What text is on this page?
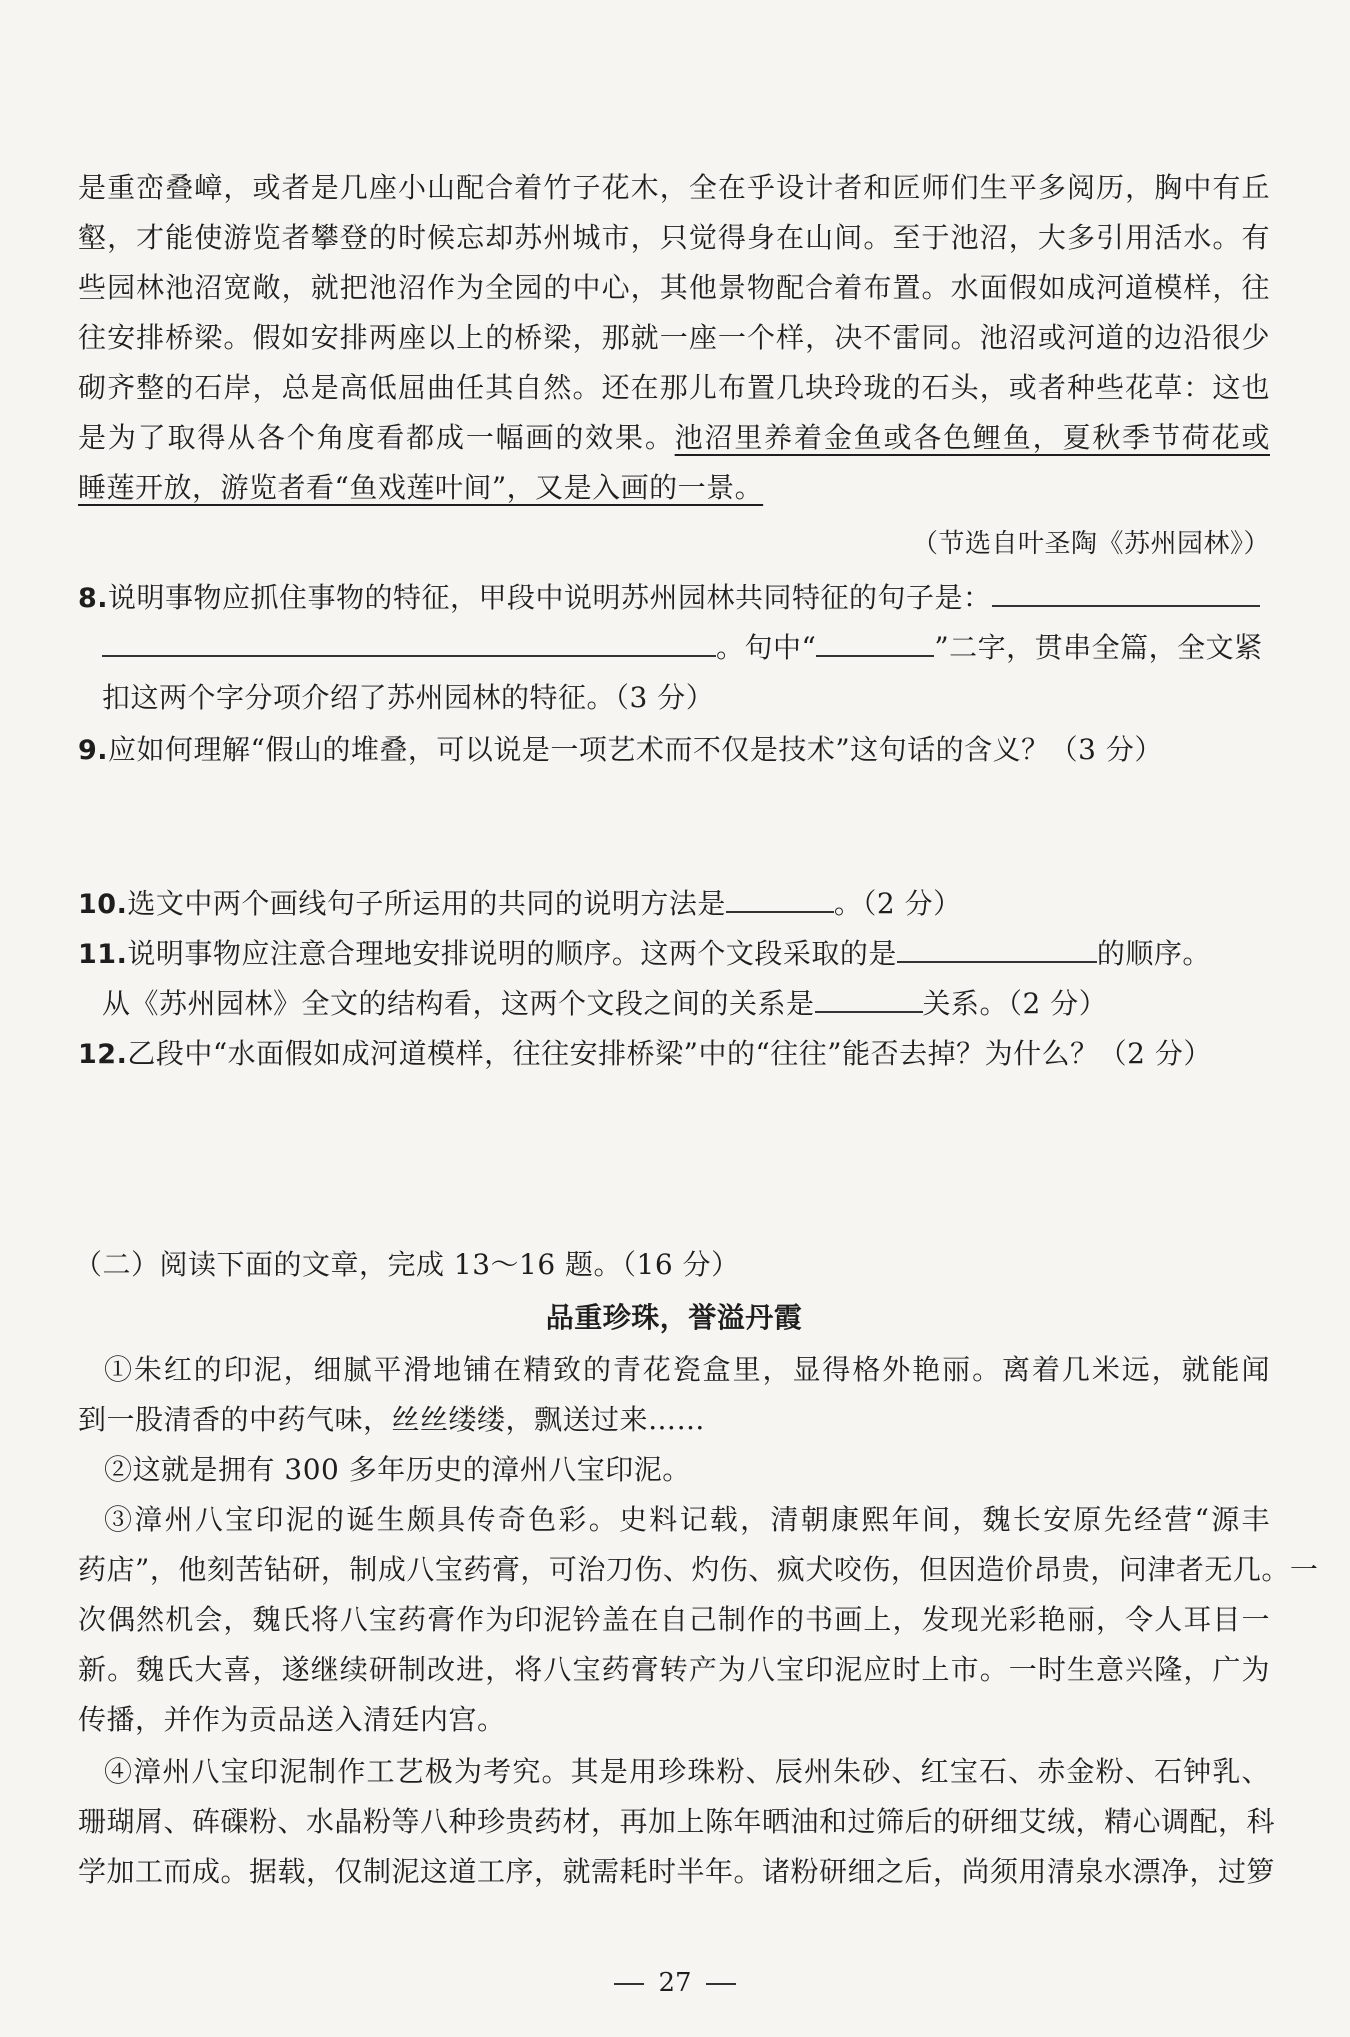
是重峦叠嶂，或者是几座小山配合着竹子花木，全在乎设计者和匠师们生平多阅历，胸中有丘
壑，才能使游览者攀登的时候忘却苏州城市，只觉得身在山间。至于池沼，大多引用活水。有
些园林池沼宽敞，就把池沼作为全园的中心，其他景物配合着布置。水面假如成河道模样，往
往安排桥梁。假如安排两座以上的桥梁，那就一座一个样，决不雷同。池沼或河道的边沿很少
砌齐整的石岸，总是高低屈曲任其自然。还在那儿布置几块玲珑的石头，或者种些花草：这也
是为了取得从各个角度看都成一幅画的效果。池沼里养着金鱼或各色鲤鱼，夏秋季节荷花或
睡莲开放，游览者看“鱼戏莲叶间”，又是入画的一景。
（节选自叶圣陶《苏州园林》）
8.说明事物应抓住事物的特征，甲段中说明苏州园林共同特征的句子是：
。句中“	”二字，贯串全篇，全文紧
扣这两个字分项介绍了苏州园林的特征。（3 分）
9.应如何理解“假山的堆叠，可以说是一项艺术而不仅是技术”这句话的含义？（3 分）
10.选文中两个画线句子所运用的共同的说明方法是	。（2 分）
11.说明事物应注意合理地安排说明的顺序。这两个文段采取的是	的顺序。
从《苏州园林》全文的结构看，这两个文段之间的关系是	关系。（2 分）
12.乙段中“水面假如成河道模样，往往安排桥梁”中的“往往”能否去掉？为什么？（2 分）
（二）阅读下面的文章，完成 13～16 题。（16 分）
品重珍珠，誉溢丹霞
①朱红的印泥，细腻平滑地铺在精致的青花瓷盒里，显得格外艳丽。离着几米远，就能闻
到一股清香的中药气味，丝丝缕缕，飘送过来……
②这就是拥有 300 多年历史的漳州八宝印泥。
③漳州八宝印泥的诞生颇具传奇色彩。史料记载，清朝康熙年间，魏长安原先经营“源丰
药店”，他刻苦钻研，制成八宝药膏，可治刀伤、灼伤、疯犬咬伤，但因造价昂贵，问津者无几。一
次偶然机会，魏氏将八宝药膏作为印泥钤盖在自己制作的书画上，发现光彩艳丽，令人耳目一
新。魏氏大喜，遂继续研制改进，将八宝药膏转产为八宝印泥应时上市。一时生意兴隆，广为
传播，并作为贡品送入清廷内宫。
④漳州八宝印泥制作工艺极为考究。其是用珍珠粉、辰州朱砂、红宝石、赤金粉、石钟乳、
珊瑚屑、砗磲粉、水晶粉等八种珍贵药材，再加上陈年晒油和过筛后的研细艾绒，精心调配，科
学加工而成。据载，仅制泥这道工序，就需耗时半年。诸粉研细之后，尚须用清泉水漂净，过箩
27
